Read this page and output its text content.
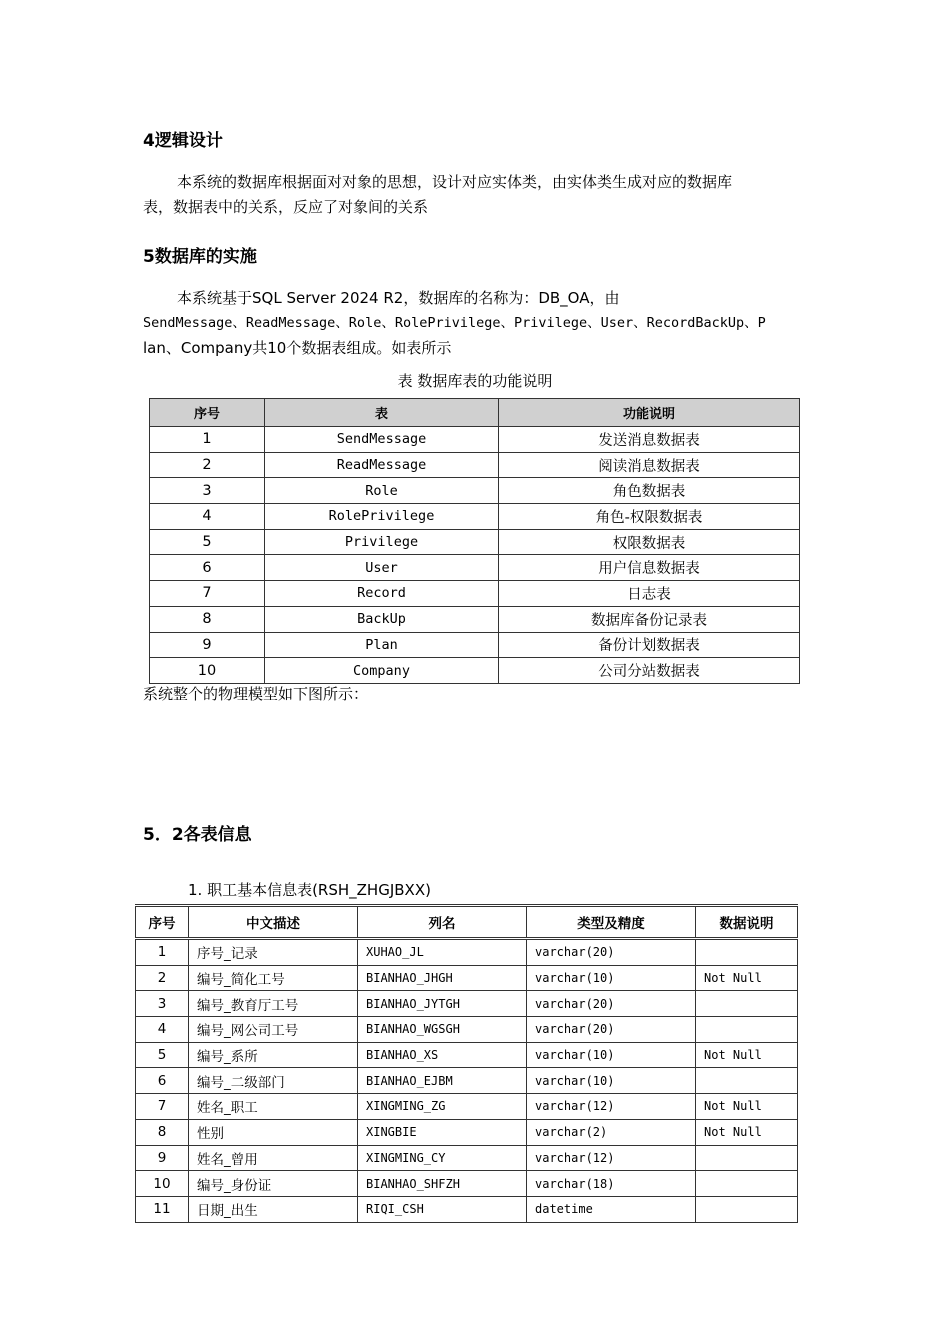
4逻辑设计
本系统的数据库根据面对对象的思想，设计对应实体类，由实体类生成对应的数据库
表，数据表中的关系，反应了对象间的关系
5数据库的实施
本系统基于SQL Server 2024 R2，数据库的名称为：DB_OA，由
SendMessage、ReadMessage、Role、RolePrivilege、Privilege、User、RecordBackUp、P
lan、Company共10个数据表组成。如表所示
表 数据库表的功能说明
序号	表	功能说明
1	SendMessage	发送消息数据表
2	ReadMessage	阅读消息数据表
3	Role	角色数据表
4	RolePrivilege	角色-权限数据表
5	Privilege	权限数据表
6	User	用户信息数据表
7	Record	日志表
8	BackUp	数据库备份记录表
9	Plan	备份计划数据表
10	Company	公司分站数据表
系统整个的物理模型如下图所示：
5．2各表信息
1. 职工基本信息表(RSH_ZHGJBXX)
序号	中文描述	列名	类型及精度	数据说明
1	序号_记录	XUHAO_JL	varchar(20)	
2	编号_简化工号	BIANHAO_JHGH	varchar(10)	Not Null
3	编号_教育厅工号	BIANHAO_JYTGH	varchar(20)	
4	编号_网公司工号	BIANHAO_WGSGH	varchar(20)	
5	编号_系所	BIANHAO_XS	varchar(10)	Not Null
6	编号_二级部门	BIANHAO_EJBM	varchar(10)	
7	姓名_职工	XINGMING_ZG	varchar(12)	Not Null
8	性别	XINGBIE	varchar(2)	Not Null
9	姓名_曾用	XINGMING_CY	varchar(12)	
10	编号_身份证	BIANHAO_SHFZH	varchar(18)	
11	日期_出生	RIQI_CSH	datetime	
